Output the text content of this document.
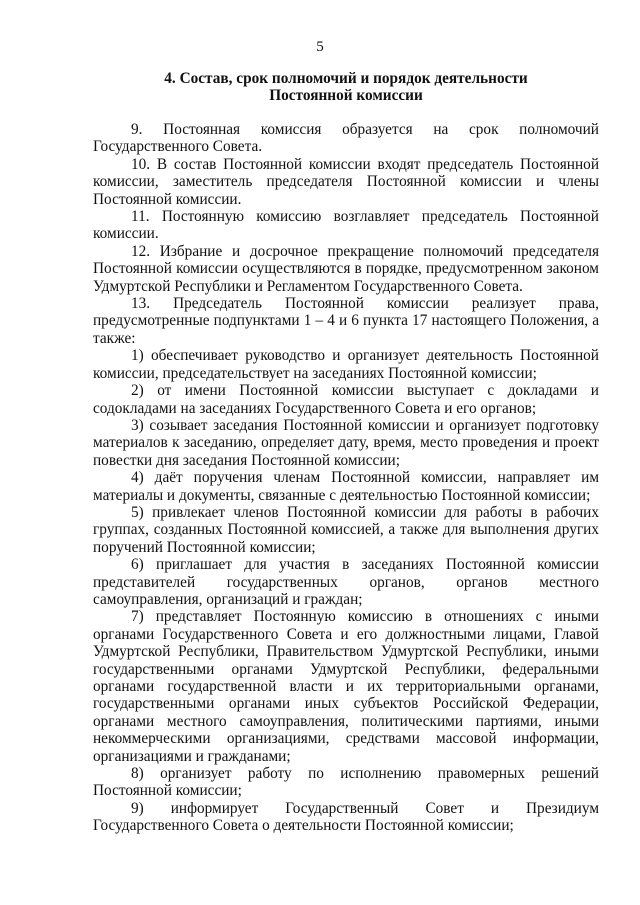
5
4. Состав, срок полномочий и порядок деятельности
Постоянной комиссии

9. Постоянная комиссия образуется на срок полномочий Государственного Совета.

10. В состав Постоянной комиссии входят председатель Постоянной комиссии, заместитель председателя Постоянной комиссии и члены Постоянной комиссии.

11. Постоянную комиссию возглавляет председатель Постоянной комиссии.

12. Избрание и досрочное прекращение полномочий председателя Постоянной комиссии осуществляются в порядке, предусмотренном законом Удмуртской Республики и Регламентом Государственного Совета.

13. Председатель Постоянной комиссии реализует права, предусмотренные подпунктами 1 – 4 и 6 пункта 17 настоящего Положения, а также:

1) обеспечивает руководство и организует деятельность Постоянной комиссии, председательствует на заседаниях Постоянной комиссии;

2) от имени Постоянной комиссии выступает с докладами и содокладами на заседаниях Государственного Совета и его органов;

3) созывает заседания Постоянной комиссии и организует подготовку материалов к заседанию, определяет дату, время, место проведения и проект повестки дня заседания Постоянной комиссии;

4) даёт поручения членам Постоянной комиссии, направляет им материалы и документы, связанные с деятельностью Постоянной комиссии;

5) привлекает членов Постоянной комиссии для работы в рабочих группах, созданных Постоянной комиссией, а также для выполнения других поручений Постоянной комиссии;

6) приглашает для участия в заседаниях Постоянной комиссии представителей государственных органов, органов местного самоуправления, организаций и граждан;

7) представляет Постоянную комиссию в отношениях с иными органами Государственного Совета и его должностными лицами, Главой Удмуртской Республики, Правительством Удмуртской Республики, иными государственными органами Удмуртской Республики, федеральными органами государственной власти и их территориальными органами, государственными органами иных субъектов Российской Федерации, органами местного самоуправления, политическими партиями, иными некоммерческими организациями, средствами массовой информации, организациями и гражданами;

8) организует работу по исполнению правомерных решений Постоянной комиссии;

9) информирует Государственный Совет и Президиум Государственного Совета о деятельности Постоянной комиссии;
